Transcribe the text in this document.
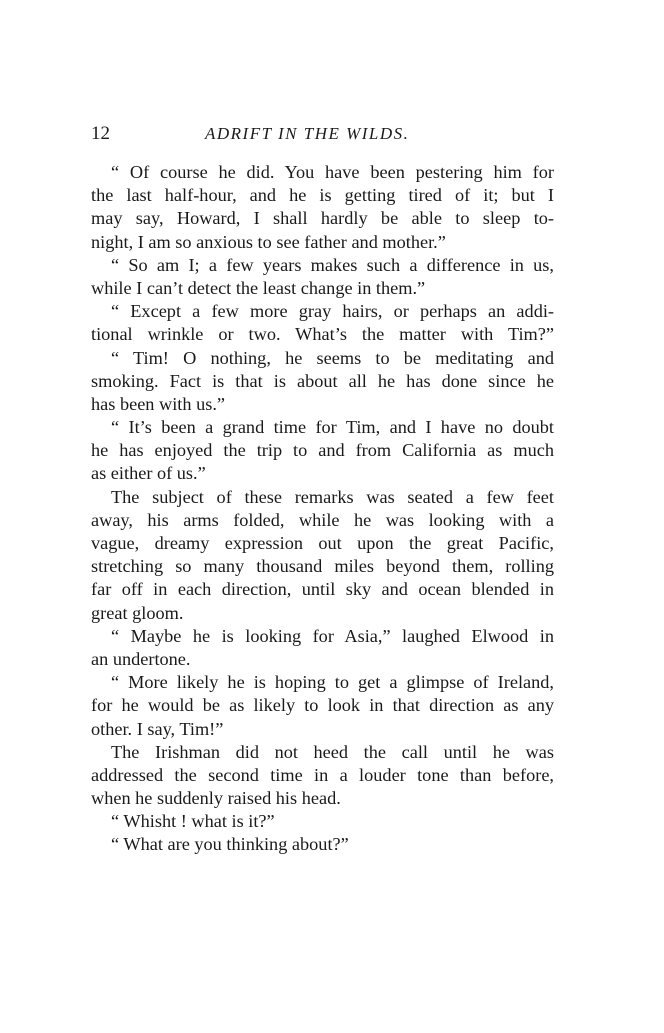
12	ADRIFT IN THE WILDS.
“ Of course he did. You have been pestering him for
the last half-hour, and he is getting tired of it; but I
may say, Howard, I shall hardly be able to sleep to-
night, I am so anxious to see father and mother.”
“ So am I; a few years makes such a difference in us,
while I can’t detect the least change in them.”
“ Except a few more gray hairs, or perhaps an addi-
tional wrinkle or two. What’s the matter with Tim?”
“ Tim! O nothing, he seems to be meditating and
smoking. Fact is that is about all he has done since he
has been with us.”
“ It’s been a grand time for Tim, and I have no doubt
he has enjoyed the trip to and from California as much
as either of us.”
The subject of these remarks was seated a few feet
away, his arms folded, while he was looking with a
vague, dreamy expression out upon the great Pacific,
stretching so many thousand miles beyond them, rolling
far off in each direction, until sky and ocean blended in
great gloom.
“ Maybe he is looking for Asia,” laughed Elwood in
an undertone.
“ More likely he is hoping to get a glimpse of Ireland,
for he would be as likely to look in that direction as any
other. I say, Tim!”
The Irishman did not heed the call until he was
addressed the second time in a louder tone than before,
when he suddenly raised his head.
“ Whisht ! what is it?”
“ What are you thinking about?”
